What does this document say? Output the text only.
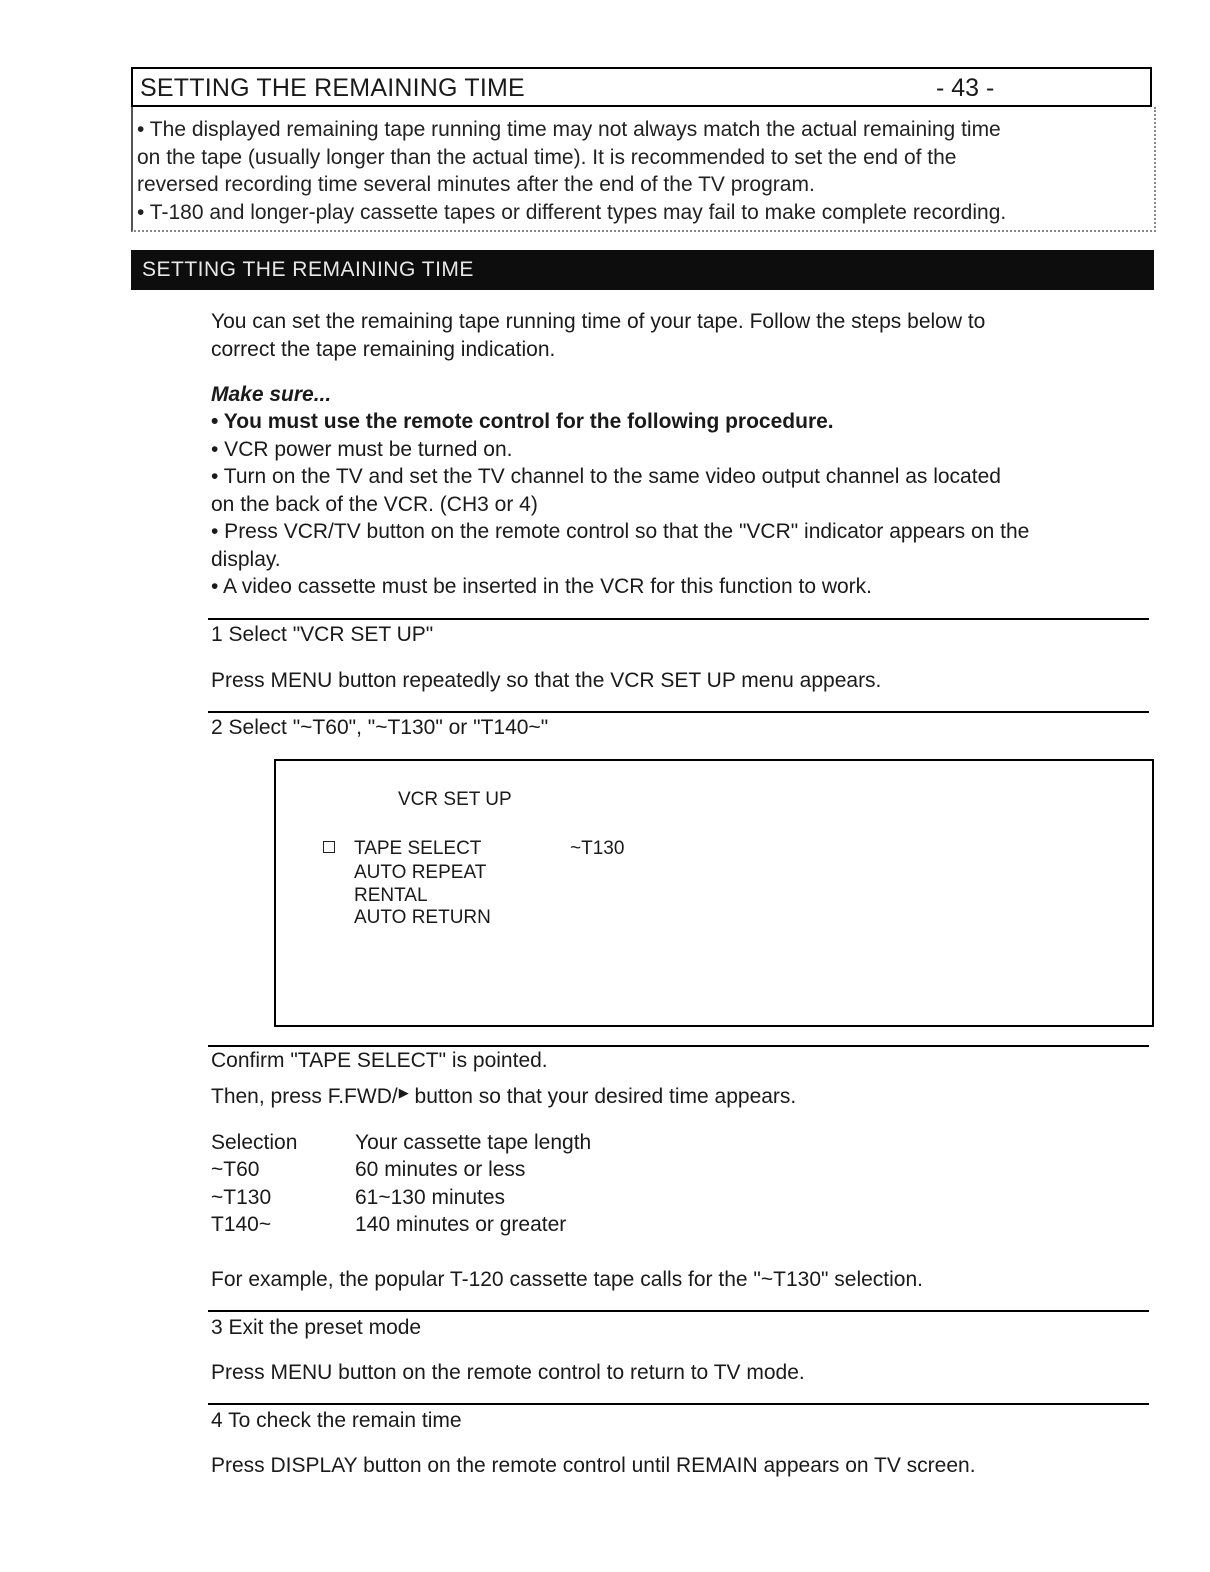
SETTING THE REMAINING TIME	- 43 -
• The displayed remaining tape running time may not always match the actual remaining time
on the tape (usually longer than the actual time). It is recommended to set the end of the
reversed recording time several minutes after the end of the TV program.
• T-180 and longer-play cassette tapes or different types may fail to make complete recording.
SETTING THE REMAINING TIME
You can set the remaining tape running time of your tape. Follow the steps below to
correct the tape remaining indication.
Make sure...
• You must use the remote control for the following procedure.
• VCR power must be turned on.
• Turn on the TV and set the TV channel to the same video output channel as located
on the back of the VCR. (CH3 or 4)
• Press VCR/TV button on the remote control so that the "VCR" indicator appears on the
display.
• A video cassette must be inserted in the VCR for this function to work.
1 Select "VCR SET UP"
Press MENU button repeatedly so that the VCR SET UP menu appears.
2 Select "~T60", "~T130" or "T140~"
VCR SET UP
TAPE SELECT	~T130
AUTO REPEAT
RENTAL
AUTO RETURN
Confirm "TAPE SELECT" is pointed.
Then, press F.FWD/▶ button so that your desired time appears.
Selection	Your cassette tape length
~T60	60 minutes or less
~T130	61~130 minutes
T140~	140 minutes or greater
For example, the popular T-120 cassette tape calls for the "~T130" selection.
3 Exit the preset mode
Press MENU button on the remote control to return to TV mode.
4 To check the remain time
Press DISPLAY button on the remote control until REMAIN appears on TV screen.
